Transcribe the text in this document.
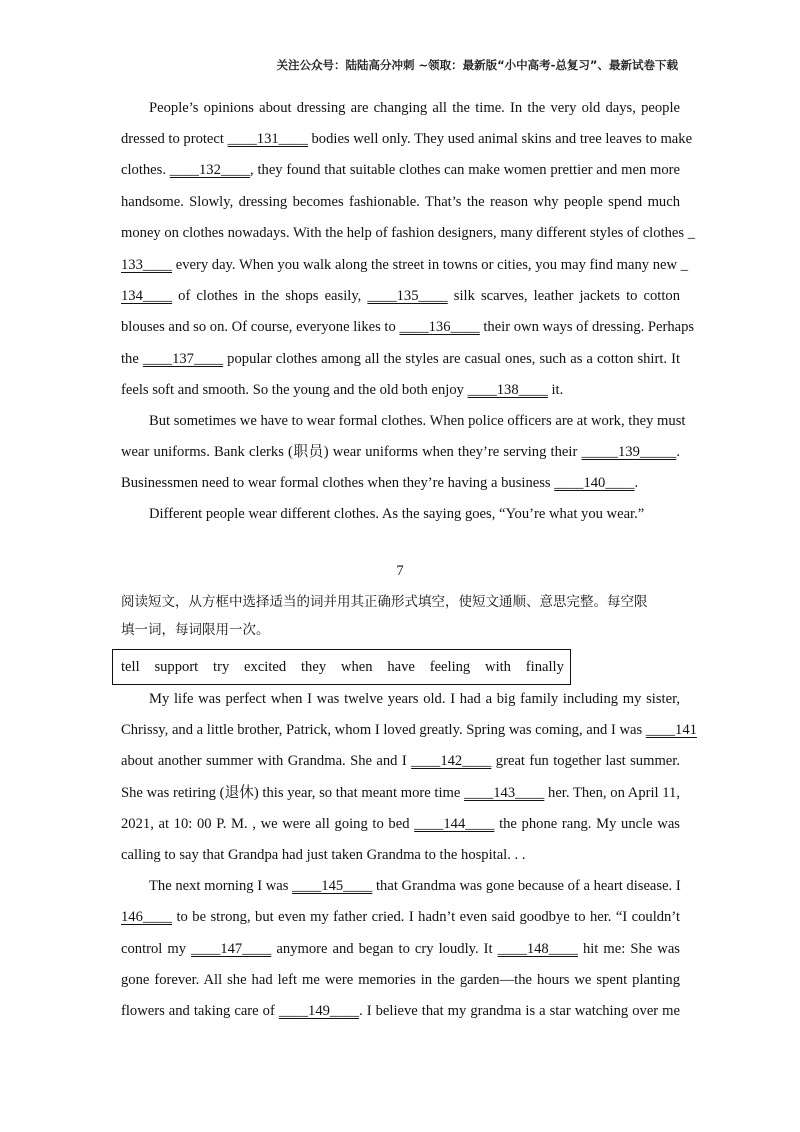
关注公众号：陆陆高分冲刺 ~领取：最新版“小中高考-总复习”、最新试卷下载
People’s opinions about dressing are changing all the time. In the very old days, people
dressed to protect ____131____ bodies well only. They used animal skins and tree leaves to make
clothes. ____132____, they found that suitable clothes can make women prettier and men more
handsome. Slowly, dressing becomes fashionable. That’s the reason why people spend much
money on clothes nowadays. With the help of fashion designers, many different styles of clothes _
133____ every day. When you walk along the street in towns or cities, you may find many new _
134____ of clothes in the shops easily, ____135____ silk scarves, leather jackets to cotton
blouses and so on. Of course, everyone likes to ____136____ their own ways of dressing. Perhaps
the ____137____ popular clothes among all the styles are casual ones, such as a cotton shirt. It
feels soft and smooth. So the young and the old both enjoy ____138____ it.
But sometimes we have to wear formal clothes. When police officers are at work, they must
wear uniforms. Bank clerks (职员) wear uniforms when they’re serving their _____139_____.
Businessmen need to wear formal clothes when they’re having a business ____140____.
Different people wear different clothes. As the saying goes, “You’re what you wear.”
7
阅读短文，从方框中选择适当的词并用其正确形式填空，使短文通顺、意思完整。每空限
填一词，每词限用一次。
tell support try excited they when have feeling with finally
My life was perfect when I was twelve years old. I had a big family including my sister,
Chrissy, and a little brother, Patrick, whom I loved greatly. Spring was coming, and I was ____141
about another summer with Grandma. She and I ____142____ great fun together last summer.
She was retiring (退休) this year, so that meant more time ____143____ her. Then, on April 11,
2021, at 10: 00 P. M. , we were all going to bed ____144____ the phone rang. My uncle was
calling to say that Grandpa had just taken Grandma to the hospital. . .
The next morning I was ____145____ that Grandma was gone because of a heart disease. I
146____ to be strong, but even my father cried. I hadn’t even said goodbye to her. “I couldn’t
control my ____147____ anymore and began to cry loudly. It ____148____ hit me: She was
gone forever. All she had left me were memories in the garden—the hours we spent planting
flowers and taking care of ____149____. I believe that my grandma is a star watching over me
